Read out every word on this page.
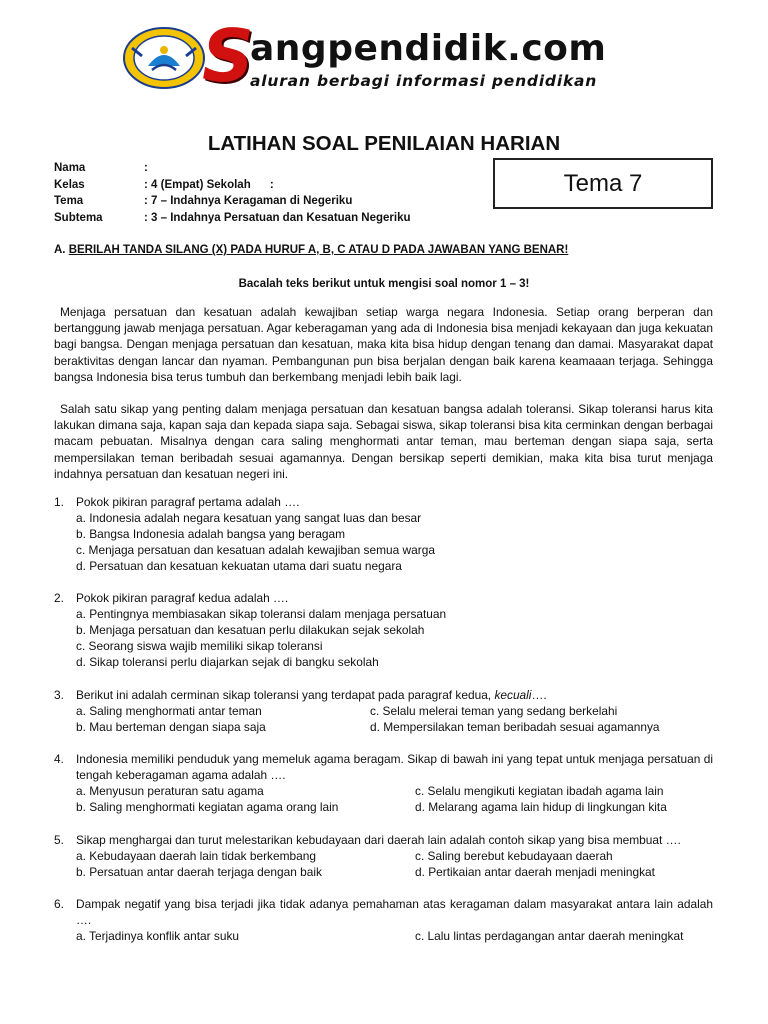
S
angpendidik.com
aluran berbagi informasi pendidikan
LATIHAN SOAL PENILAIAN HARIAN
Nama	:
Kelas	: 4 (Empat) Sekolah      :
Tema	: 7 – Indahnya Keragaman di Negeriku
Subtema	: 3 – Indahnya Persatuan dan Kesatuan Negeriku
Tema 7
A. BERILAH TANDA SILANG (X) PADA HURUF A, B, C ATAU D PADA JAWABAN YANG BENAR!
Bacalah teks berikut untuk mengisi soal nomor 1 – 3!
Menjaga persatuan dan kesatuan adalah kewajiban setiap warga negara Indonesia. Setiap orang berperan dan bertanggung jawab menjaga persatuan. Agar keberagaman yang ada di Indonesia bisa menjadi kekayaan dan juga kekuatan bagi bangsa. Dengan menjaga persatuan dan kesatuan, maka kita bisa hidup dengan tenang dan damai. Masyarakat dapat beraktivitas dengan lancar dan nyaman. Pembangunan pun bisa berjalan dengan baik karena keamaaan terjaga. Sehingga bangsa Indonesia bisa terus tumbuh dan berkembang menjadi lebih baik lagi.
Salah satu sikap yang penting dalam menjaga persatuan dan kesatuan bangsa adalah toleransi. Sikap toleransi harus kita lakukan dimana saja, kapan saja dan kepada siapa saja. Sebagai siswa, sikap toleransi bisa kita cerminkan dengan berbagai macam pebuatan. Misalnya dengan cara saling menghormati antar teman, mau berteman dengan siapa saja, serta mempersilakan teman beribadah sesuai agamannya. Dengan bersikap seperti demikian, maka kita bisa turut menjaga indahnya persatuan dan kesatuan negeri ini.
1. Pokok pikiran paragraf pertama adalah ….
a. Indonesia adalah negara kesatuan yang sangat luas dan besar
b. Bangsa Indonesia adalah bangsa yang beragam
c. Menjaga persatuan dan kesatuan adalah kewajiban semua warga
d. Persatuan dan kesatuan kekuatan utama dari suatu negara
2. Pokok pikiran paragraf kedua adalah ….
a. Pentingnya membiasakan sikap toleransi dalam menjaga persatuan
b. Menjaga persatuan dan kesatuan perlu dilakukan sejak sekolah
c. Seorang siswa wajib memiliki sikap toleransi
d. Sikap toleransi perlu diajarkan sejak di bangku sekolah
3. Berikut ini adalah cerminan sikap toleransi yang terdapat pada paragraf kedua, kecuali….
a. Saling menghormati antar teman	c. Selalu melerai teman yang sedang berkelahi
b. Mau berteman dengan siapa saja	d. Mempersilakan teman beribadah sesuai agamannya
4. Indonesia memiliki penduduk yang memeluk agama beragam. Sikap di bawah ini yang tepat untuk menjaga persatuan di tengah keberagaman agama adalah ….
a. Menyusun peraturan satu agama	c. Selalu mengikuti kegiatan ibadah agama lain
b. Saling menghormati kegiatan agama orang lain	d. Melarang agama lain hidup di lingkungan kita
5. Sikap menghargai dan turut melestarikan kebudayaan dari daerah lain adalah contoh sikap yang bisa membuat ….
a. Kebudayaan daerah lain tidak berkembang	c. Saling berebut kebudayaan daerah
b. Persatuan antar daerah terjaga dengan baik	d. Pertikaian antar daerah menjadi meningkat
6. Dampak negatif yang bisa terjadi jika tidak adanya pemahaman atas keragaman dalam masyarakat antara lain adalah ….
a. Terjadinya konflik antar suku	c. Lalu lintas perdagangan antar daerah meningkat
